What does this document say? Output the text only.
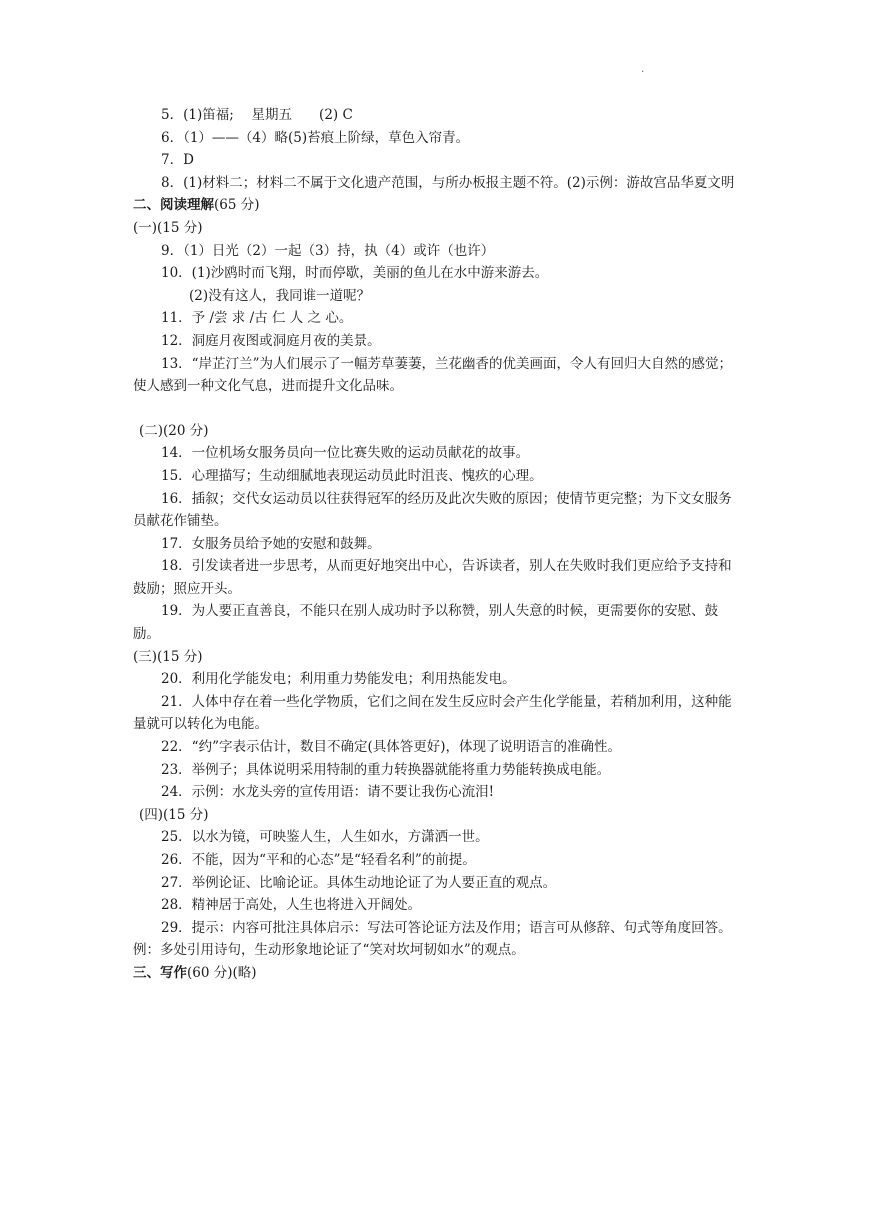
.

5．(1)笛福;　 星期五　　(2) C

6．（1）——（4）略(5)苔痕上阶绿，草色入帘青。

7．D

8．(1)材料二；材料二不属于文化遗产范围，与所办板报主题不符。(2)示例：游故宫品华夏文明

二、阅读理解(65 分)

(一)(15 分)

9．（1）日光（2）一起（3）持，执（4）或许（也许）

10．(1)沙鸥时而飞翔，时而停歇，美丽的鱼儿在水中游来游去。

(2)没有这人，我同谁一道呢？

11．予 /尝 求 /古 仁 人 之 心。

12．洞庭月夜图或洞庭月夜的美景。

13．“岸芷汀兰”为人们展示了一幅芳草萋萋，兰花幽香的优美画面，令人有回归大自然的感觉；使人感到一种文化气息，进而提升文化品味。

(二)(20 分)

14．一位机场女服务员向一位比赛失败的运动员献花的故事。

15．心理描写；生动细腻地表现运动员此时沮丧、愧疚的心理。

16．插叙；交代女运动员以往获得冠军的经历及此次失败的原因；使情节更完整；为下文女服务员献花作铺垫。

17．女服务员给予她的安慰和鼓舞。

18．引发读者进一步思考，从而更好地突出中心，告诉读者，别人在失败时我们更应给予支持和鼓励；照应开头。

19．为人要正直善良，不能只在别人成功时予以称赞，别人失意的时候，更需要你的安慰、鼓励。

(三)(15 分)

20．利用化学能发电；利用重力势能发电；利用热能发电。

21．人体中存在着一些化学物质，它们之间在发生反应时会产生化学能量，若稍加利用，这种能量就可以转化为电能。

22．“约”字表示估计，数目不确定(具体答更好)，体现了说明语言的准确性。

23．举例子；具体说明采用特制的重力转换器就能将重力势能转换成电能。

24．示例：水龙头旁的宣传用语：请不要让我伤心流泪!

(四)(15 分)

25．以水为镜，可映鉴人生，人生如水，方潇洒一世。

26．不能，因为“平和的心态”是“轻看名利”的前提。

27．举例论证、比喻论证。具体生动地论证了为人要正直的观点。

28．精神居于高处，人生也将进入开阔处。

29．提示：内容可批注具体启示：写法可答论证方法及作用；语言可从修辞、句式等角度回答。例：多处引用诗句，生动形象地论证了“笑对坎坷韧如水”的观点。

三、写作(60 分)(略)
